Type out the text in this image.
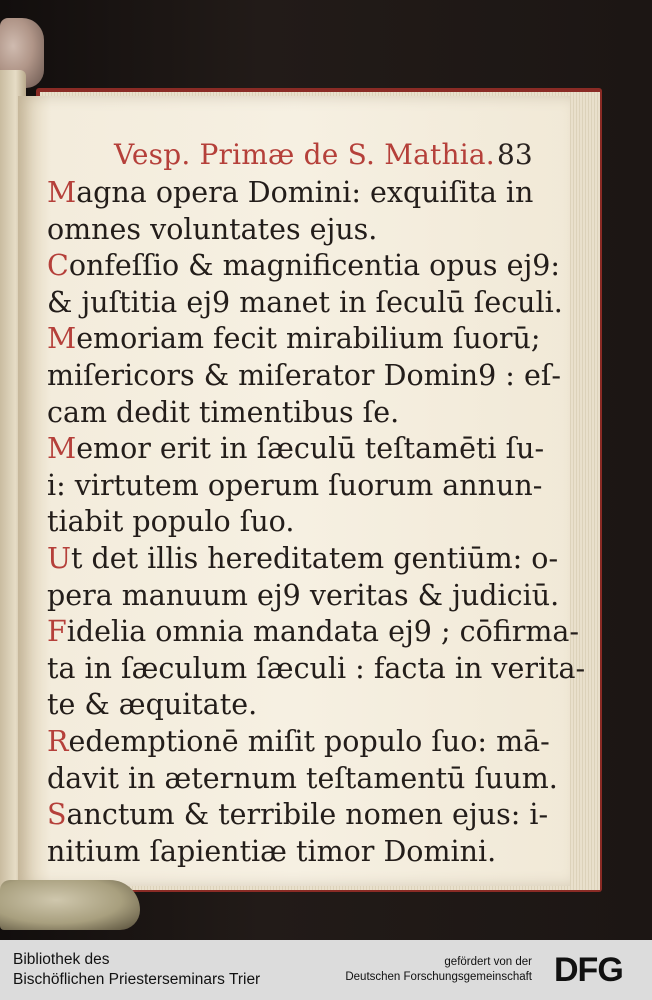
Vesp. Primæ de S. Mathia. 83
Magna opera Domini: exquiſita in
omnes voluntates ejus.
Confeſſio & magnificentia opus ej9:
& juſtitia ej9 manet in ſeculū ſeculi.
Memoriam fecit mirabilium ſuorū;
miſericors & miſerator Domin9 : eſ-
cam dedit timentibus ſe.
Memor erit in ſæculū teſtamēti ſu-
i: virtutem operum ſuorum annun-
tiabit populo ſuo.
Ut det illis hereditatem gentiūm: o-
pera manuum ej9 veritas & judiciū.
Fidelia omnia mandata ej9 ; cōfirma-
ta in ſæculum ſæculi : facta in verita-
te & æquitate.
Redemptionē miſit populo ſuo: mā-
davit in æternum teſtamentū ſuum.
Sanctum & terribile nomen ejus: i-
nitium ſapientiæ timor Domini.
Bibliothek des
Bischöflichen Priesterseminars Trier
gefördert von der
Deutschen Forschungsgemeinschaft DFG
